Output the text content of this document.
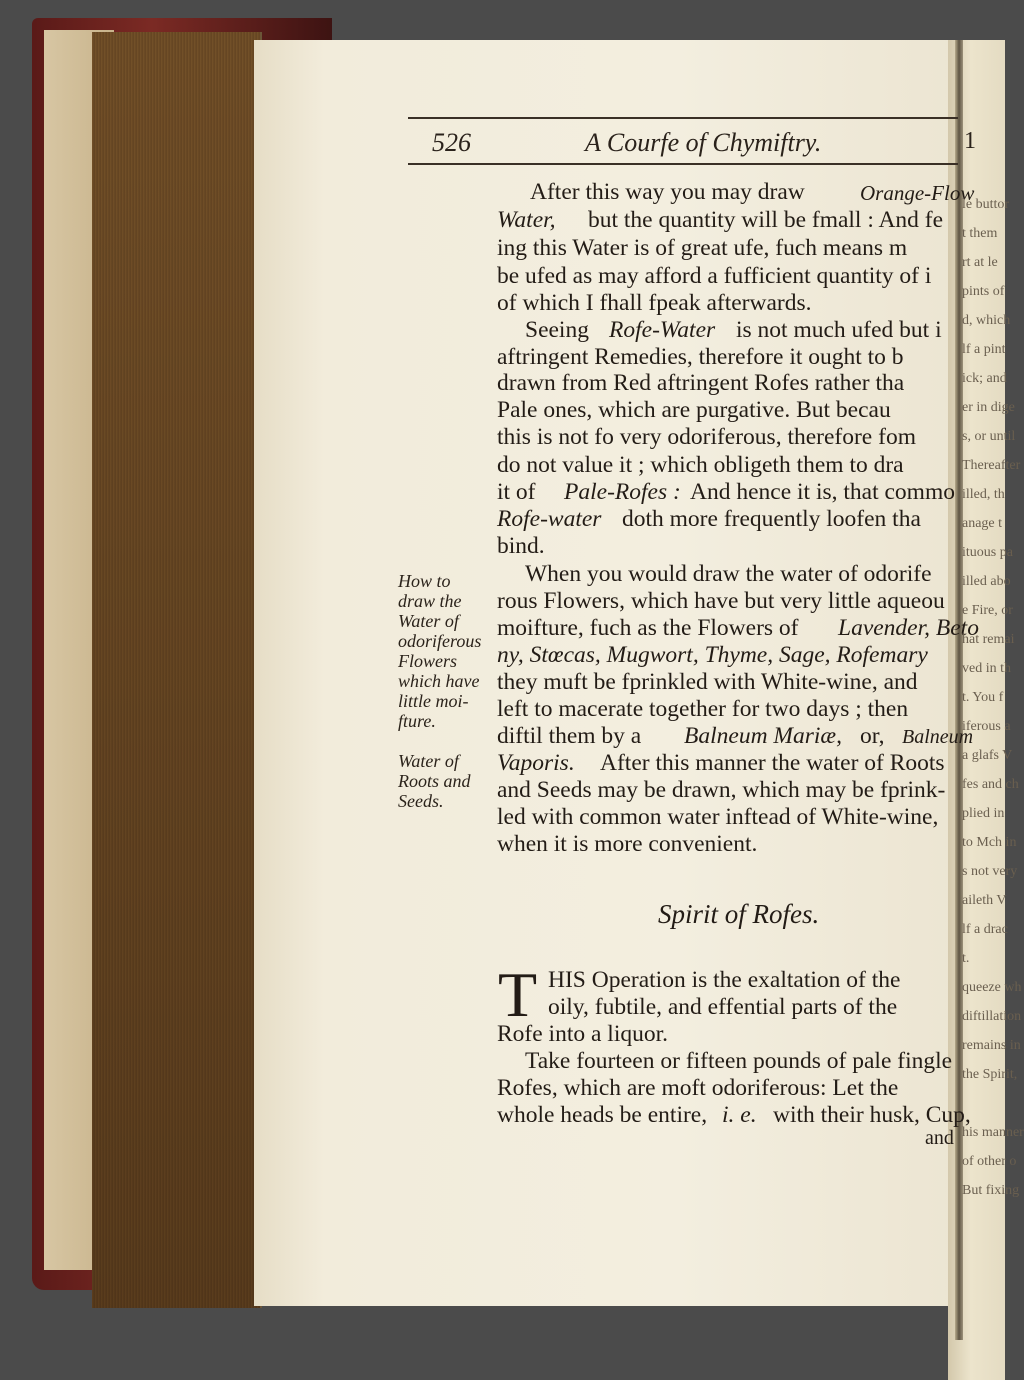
526	A Courfe of Chymiftry.	1
After this way you may draw	Orange-Flow
Water, but the quantity will be fmall : And fe
ing this Water is of great ufe, fuch means m
be ufed as may afford a fufficient quantity of i
of which I fhall fpeak afterwards.
Seeing Rofe-Water is not much ufed but i
aftringent Remedies, therefore it ought to b
drawn from Red aftringent Rofes rather tha
Pale ones, which are purgative. But becau
this is not fo very odoriferous, therefore fom
do not value it ; which obligeth them to dra
it of Pale-Rofes : And hence it is, that commo
Rofe-water doth more frequently loofen tha
bind.
When you would draw the water of odorife
rous Flowers, which have but very little aqueou
moifture, fuch as the Flowers of Lavender, Beto
ny, Stœcas, Mugwort, Thyme, Sage, Rofemary
they muft be fprinkled with White-wine, and
left to macerate together for two days ; then
diftil them by a Balneum Mariæ, or, Balneum
Vaporis. After this manner the water of Roots
and Seeds may be drawn, which may be fprink-
led with common water inftead of White-wine,
when it is more convenient.
Spirit of Rofes.
T HIS Operation is the exaltation of the
oily, fubtile, and effential parts of the
Rofe into a liquor.
Take fourteen or fifteen pounds of pale fingle
Rofes, which are moft odoriferous: Let the
whole heads be entire, i. e. with their husk, Cup,
and
How to
draw the
Water of
odoriferous
Flowers
which have
little moi-
fture.
Water of
Roots and
Seeds.
le buttor
t them
rt at le
pints of
d, which
lf a pint
ick; and
er in dige
s, or until
Thereafter
illed, th
anage t
ituous pa
illed abo
e Fire, or
hat remai
ved in th
t. You f
iferous a
a glafs V
fes and ch
plied in
to Mch in
s not very
aileth V
lf a drac
t.
queeze wh
diftillation
remains in
the Spirit,

his manner
of other o
But fixing
